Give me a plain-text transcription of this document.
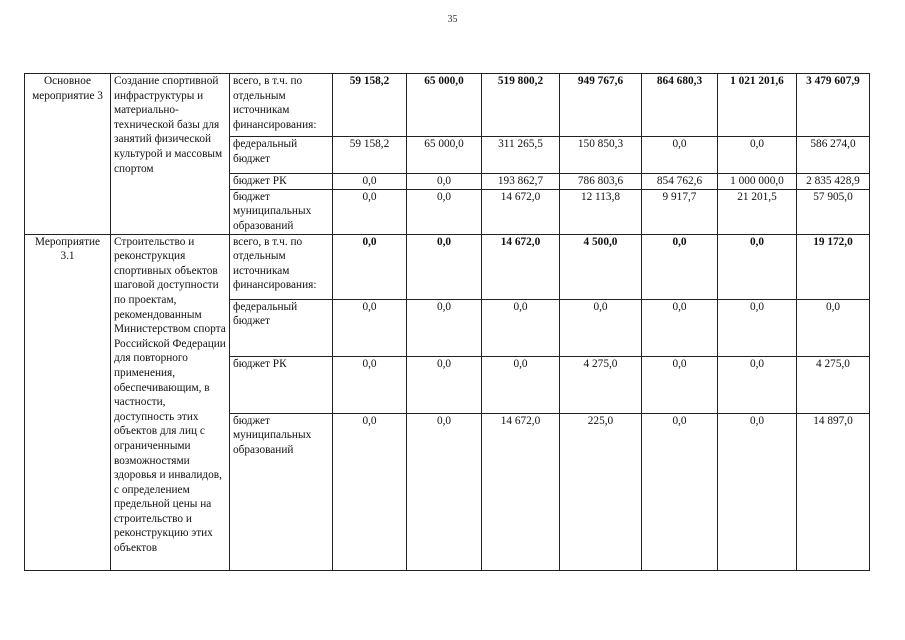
35
Основное мероприятие 3	Создание спортивной инфраструктуры и материально-технической базы для занятий физической культурой и массовым спортом	всего, в т.ч. по отдельным источникам финансирования:	59 158,2	65 000,0	519 800,2	949 767,6	864 680,3	1 021 201,6	3 479 607,9
		федеральный бюджет	59 158,2	65 000,0	311 265,5	150 850,3	0,0	0,0	586 274,0
		бюджет РК	0,0	0,0	193 862,7	786 803,6	854 762,6	1 000 000,0	2 835 428,9
		бюджет муниципальных образований	0,0	0,0	14 672,0	12 113,8	9 917,7	21 201,5	57 905,0
Мероприятие 3.1	Строительство и реконструкция спортивных объектов шаговой доступности по проектам, рекомендованным Министерством спорта Российской Федерации для повторного применения, обеспечивающим, в частности, доступность этих объектов для лиц с ограниченными возможностями здоровья и инвалидов, с определением предельной цены на строительство и реконструкцию этих объектов	всего, в т.ч. по отдельным источникам финансирования:	0,0	0,0	14 672,0	4 500,0	0,0	0,0	19 172,0
		федеральный бюджет	0,0	0,0	0,0	0,0	0,0	0,0	0,0
		бюджет РК	0,0	0,0	0,0	4 275,0	0,0	0,0	4 275,0
		бюджет муниципальных образований	0,0	0,0	14 672,0	225,0	0,0	0,0	14 897,0
